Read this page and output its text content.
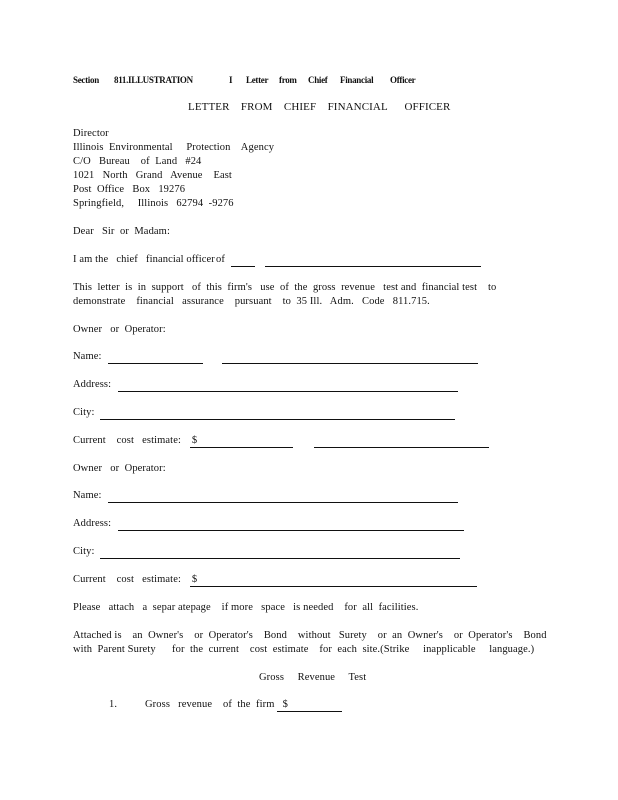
Section 811.ILLUSTRATION	I Letter from Chief Financial Officer
LETTER    FROM    CHIEF    FINANCIAL      OFFICER
Director
Illinois  Environmental     Protection    Agency
C/O   Bureau    of  Land   #24
1021   North   Grand   Avenue    East
Post  Office   Box   19276
Springfield,     Illinois   62794  -9276
Dear   Sir  or  Madam:
I am the   chief   financial officer of
This  letter  is  in  support   of  this  firm's   use  of  the  gross  revenue   test and  financial test    to
demonstrate    financial   assurance    pursuant    to  35 Ill.   Adm.   Code   811.715.
Owner   or  Operator:
Name:
Address:
City:
Current    cost   estimate:    $
Owner   or  Operator:
Name:
Address:
City:
Current    cost   estimate:    $
Please   attach   a  separ atepage    if more   space   is needed    for  all  facilities.
Attached is    an  Owner's    or  Operator's    Bond    without   Surety    or  an  Owner's    or  Operator's    Bond
with  Parent Surety      for  the  current    cost  estimate    for  each  site.(Strike     inapplicable     language.)
Gross     Revenue     Test
1.	Gross   revenue    of  the  firm   $
